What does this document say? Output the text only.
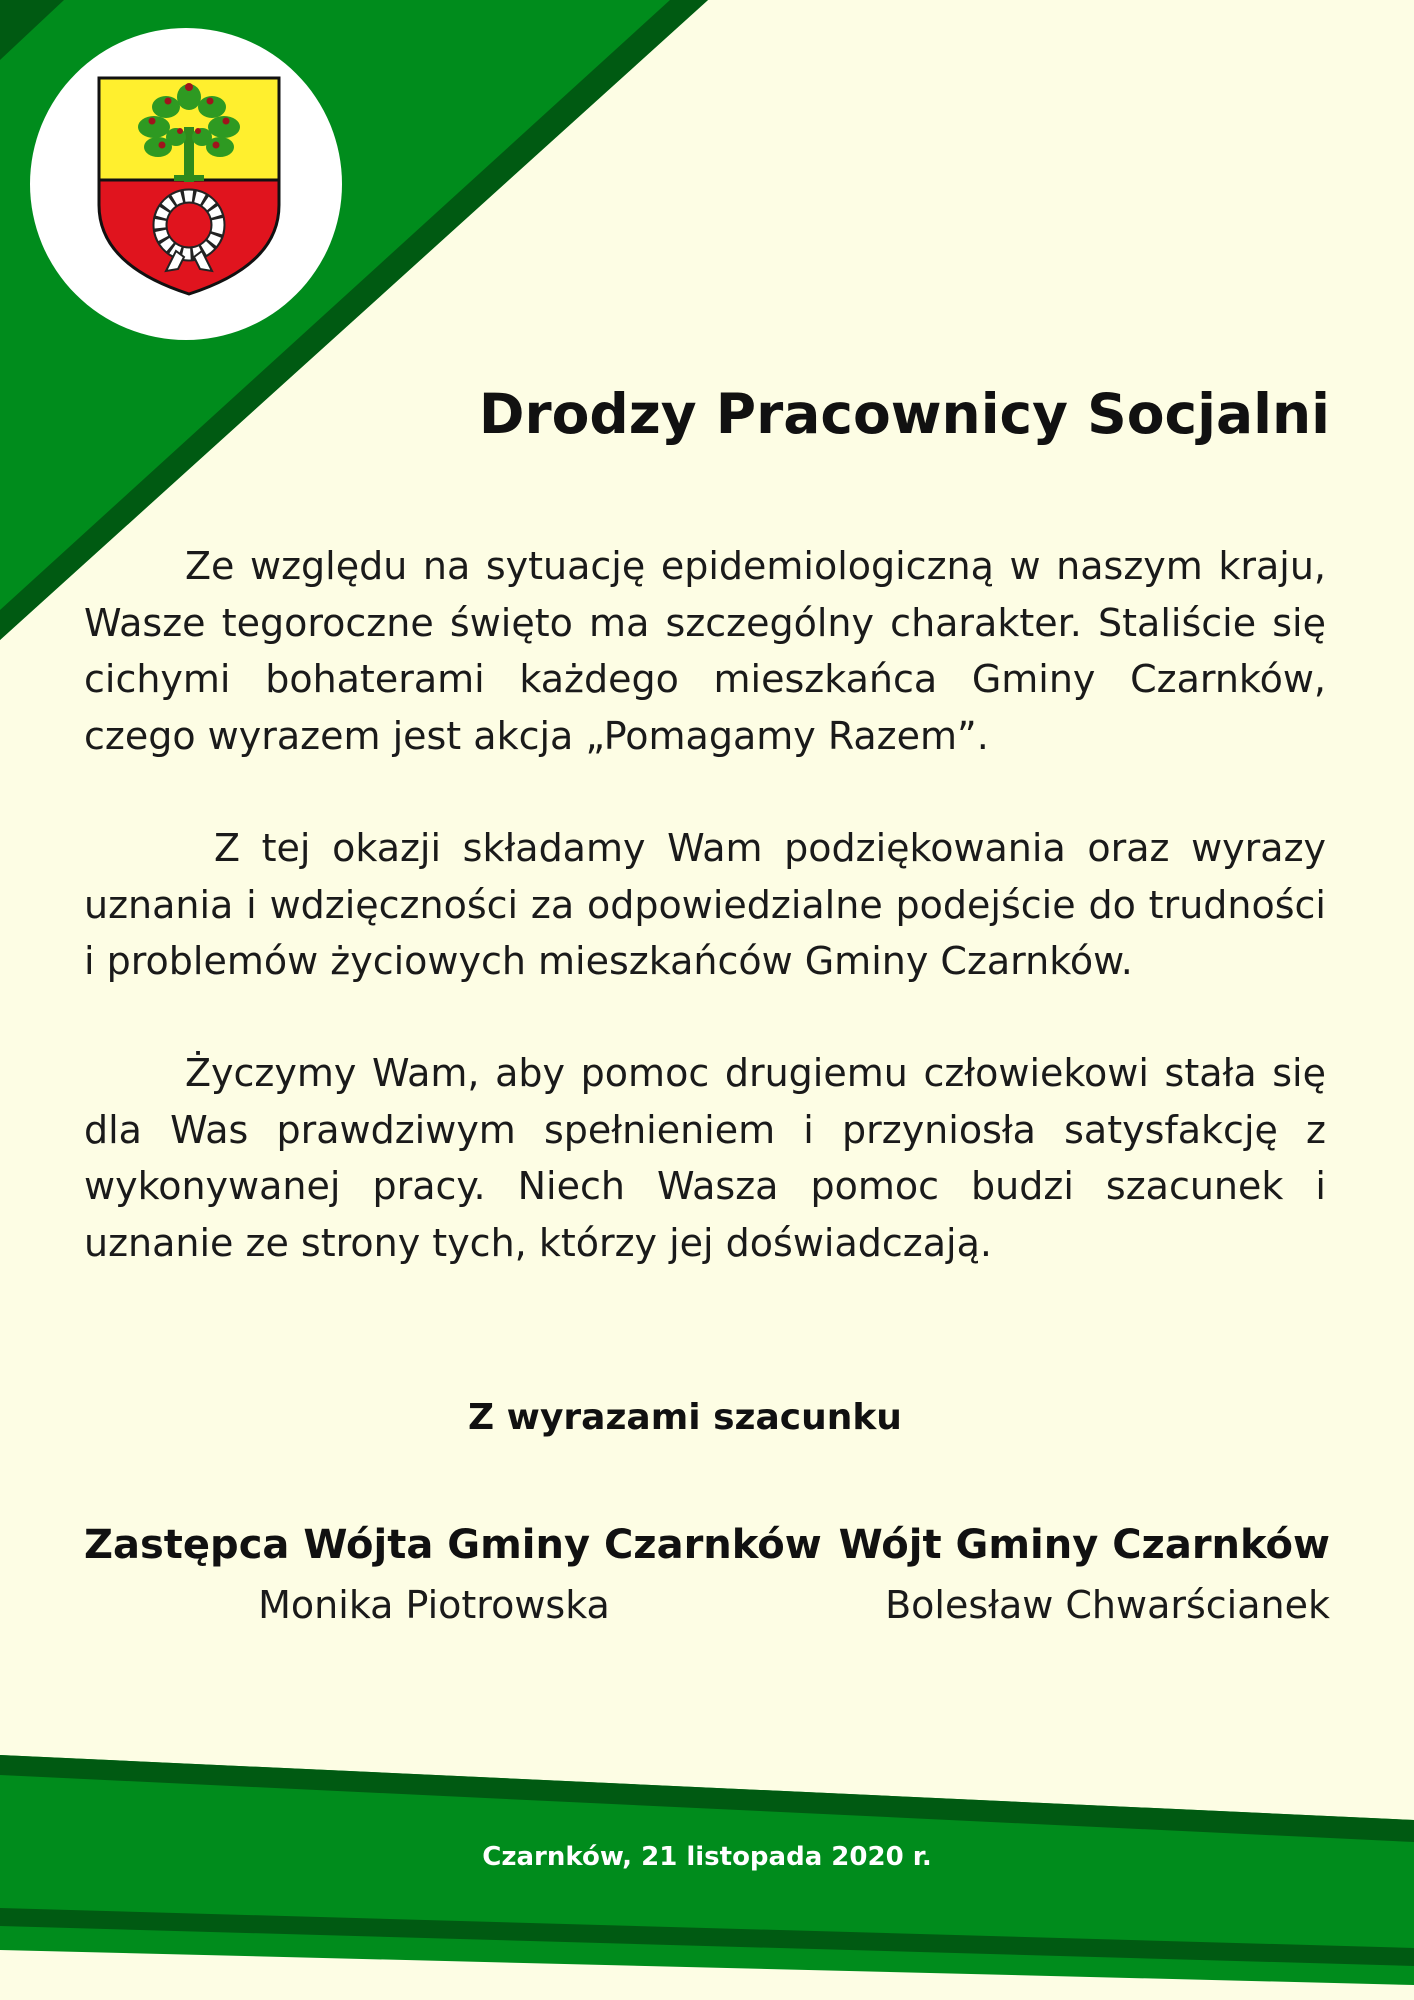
Drodzy Pracownicy Socjalni

Ze względu na sytuację epidemiologiczną w naszym kraju, Wasze tegoroczne święto ma szczególny charakter. Staliście się cichymi bohaterami każdego mieszkańca Gminy Czarnków, czego wyrazem jest akcja „Pomagamy Razem”.

Z tej okazji składamy Wam podziękowania oraz wyrazy uznania i wdzięczności za odpowiedzialne podejście do trudności i problemów życiowych mieszkańców Gminy Czarnków.

Życzymy Wam, aby pomoc drugiemu człowiekowi stała się dla Was prawdziwym spełnieniem i przyniosła satysfakcję z wykonywanej pracy. Niech Wasza pomoc budzi szacunek i uznanie ze strony tych, którzy jej doświadczają.

Z wyrazami szacunku

Zastępca Wójta Gminy Czarnków
Monika Piotrowska
Wójt Gminy Czarnków
Bolesław Chwarścianek

Czarnków, 21 listopada 2020 r.
